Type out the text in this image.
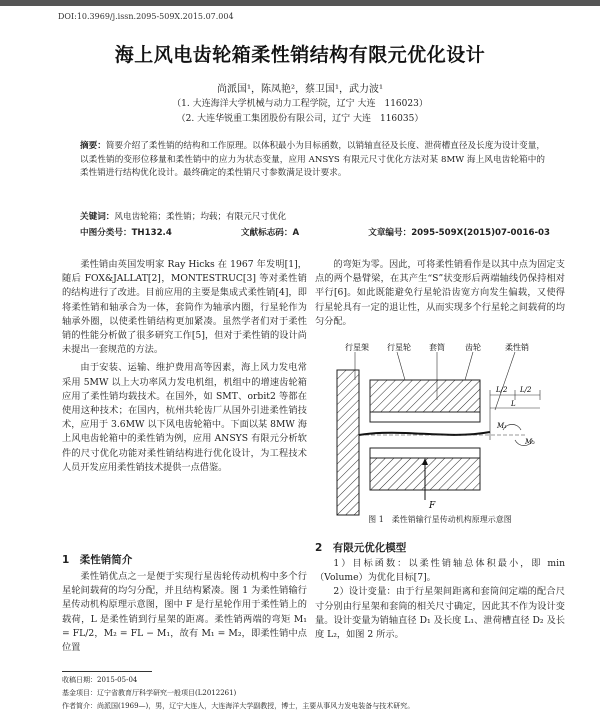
DOI:10.3969/j.issn.2095-509X.2015.07.004
海上风电齿轮箱柔性销结构有限元优化设计
尚派国¹，陈凤艳²，蔡卫国¹，武力波¹
（1. 大连海洋大学机械与动力工程学院，辽宁 大连　116023）
（2. 大连华锐重工集团股份有限公司，辽宁 大连　116035）
摘要：简要介绍了柔性销的结构和工作原理。以体积最小为目标函数，以销轴直径及长度、泄荷槽直径及长度为设计变量，以柔性销的变形位移量和柔性销中的应力为状态变量，应用 ANSYS 有限元尺寸优化方法对某 8MW 海上风电齿轮箱中的柔性销进行结构优化设计。最终确定的柔性销尺寸参数满足设计要求。
关键词：风电齿轮箱；柔性销；均载；有限元尺寸优化
中图分类号：TH132.4	文献标志码：A	文章编号：2095-509X(2015)07-0016-03

柔性销由英国发明家 Ray Hicks 在 1967 年发明[1]，随后 FOX&JALLAT[2]，MONTESTRUC[3] 等对柔性销的结构进行了改进。目前应用的主要是集成式柔性销[4]，即将柔性销和轴承合为一体，套筒作为轴承内圈，行星轮作为轴承外圈，以使柔性销结构更加紧凑。虽然学者们对于柔性销的性能分析做了很多研究工作[5]，但对于柔性销的设计尚未提出一套规范的方法。

由于安装、运输、维护费用高等因素，海上风力发电常采用 5MW 以上大功率风力发电机组，机组中的增速齿轮箱应用了柔性销均载技术。在国外，如 SMT、orbit2 等都在使用这种技术；在国内，杭州共轮齿厂从国外引进柔性销技术，应用于 3.6MW 以下风电齿轮箱中。下面以某 8MW 海上风电齿轮箱中的柔性销为例，应用 ANSYS 有限元分析软件的尺寸优化功能对柔性销结构进行优化设计，为工程技术人员开发应用柔性销技术提供一点借鉴。

1　柔性销简介

柔性销优点之一是便于实现行星齿轮传动机构中多个行星轮间载荷的均匀分配，并且结构紧凑。图 1 为柔性销输行星传动机构原理示意图，图中 F 是行星轮作用于柔性销上的载荷，L 是柔性销到行星架的距离。柔性销两端的弯矩 M₁ = FL/2，M₂ = FL − M₁，故有 M₁ = M₂，即柔性销中点位置

的弯矩为零。因此，可将柔性销看作是以其中点为固定支点的两个悬臂梁，在其产生“S”状变形后两端轴线仍保持相对平行[6]。如此既能避免行星轮沿齿宽方向发生偏载，又使得行星轮具有一定的退让性，从而实现多个行星轮之间载荷的均匀分配。

行星架 行星轮 套筒	齿轮	柔性销
F
L/2 L/2
L
M₁
M₂
图 1　柔性销输行星传动机构原理示意图
2　有限元优化模型

1）目标函数：以柔性销轴总体积最小，即 min（Volume）为优化目标[7]。

2）设计变量：由于行星架间距离和套筒间定端的配合尺寸分别由行星架和套筒的相关尺寸确定，因此其不作为设计变量。设计变量为销轴直径 D₁ 及长度 L₁、泄荷槽直径 D₂ 及长度 L₂，如图 2 所示。

收稿日期：2015-05-04
基金项目：辽宁省教育厅科学研究一般项目(L2012261)
作者简介：尚派国(1969—)，男，辽宁大连人，大连海洋大学副教授，博士，主要从事风力发电装备与技术研究。
